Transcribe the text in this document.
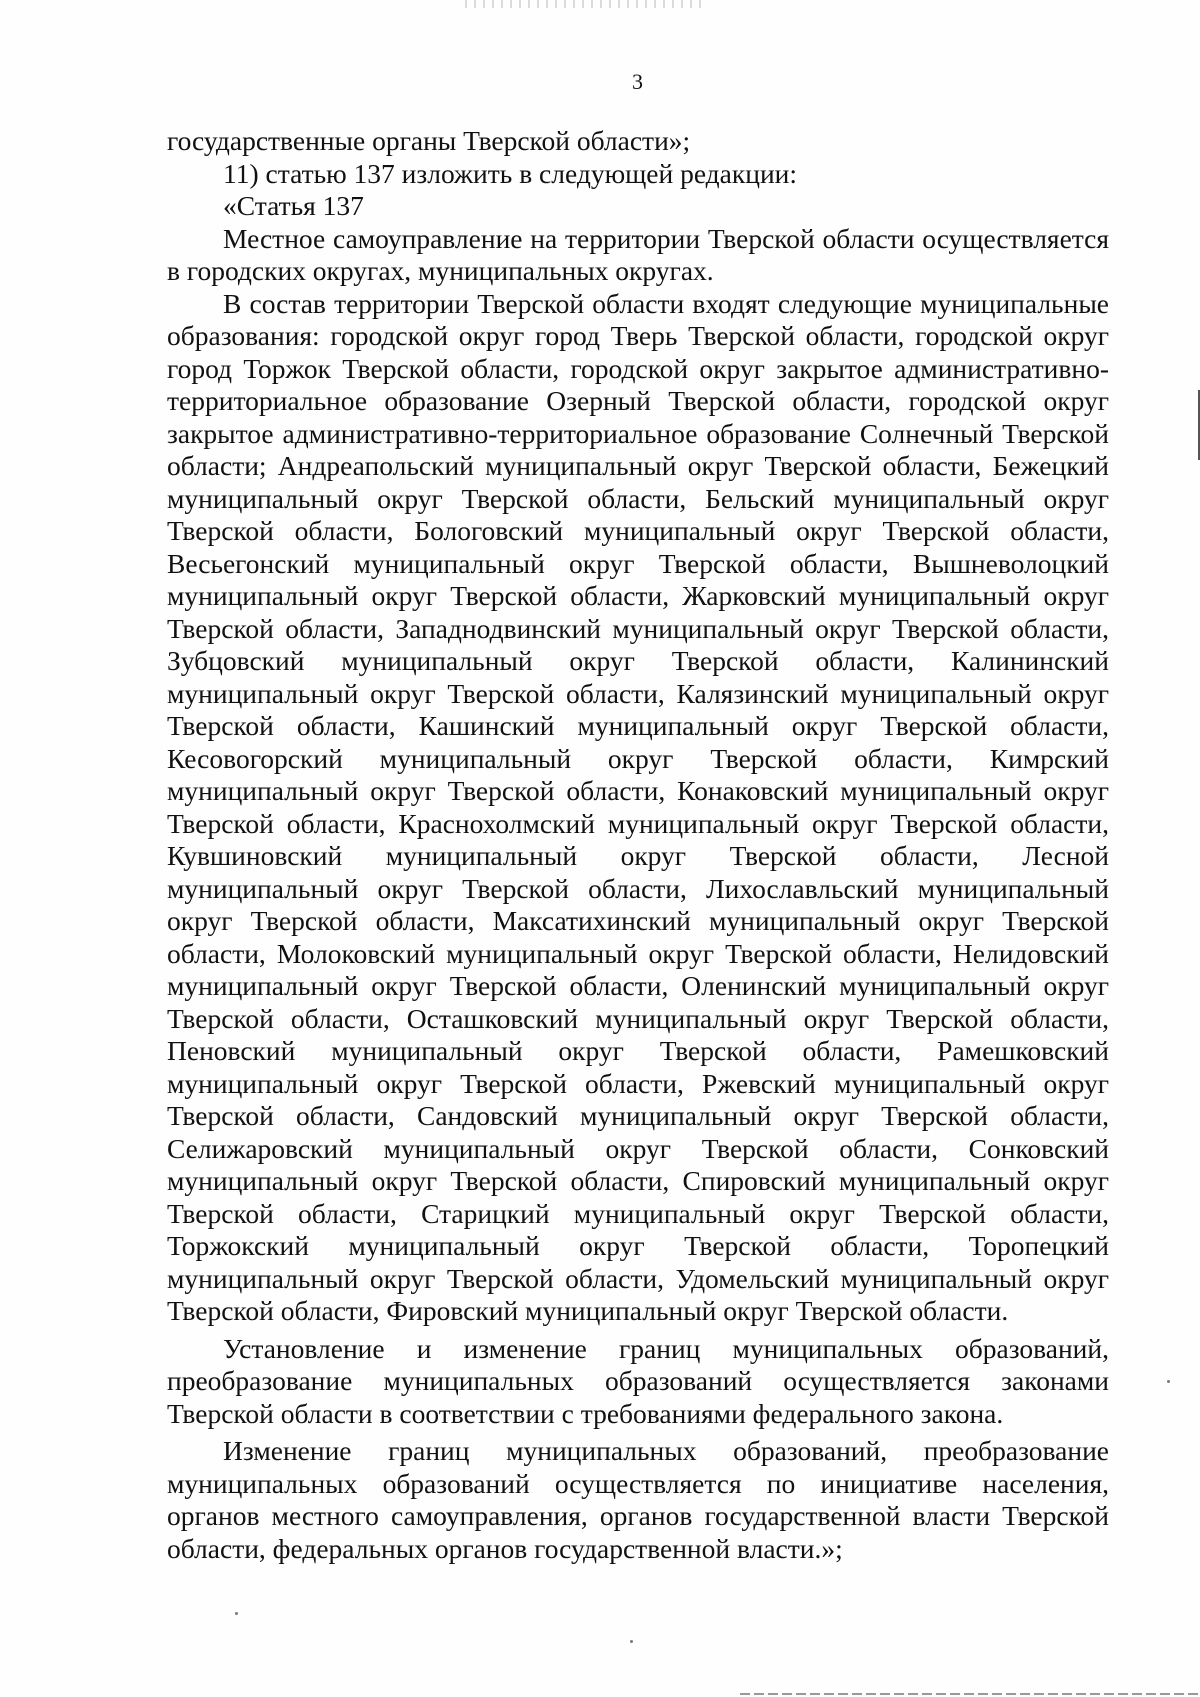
3

государственные органы Тверской области»;

11) статью 137 изложить в следующей редакции:

«Статья 137

Местное самоуправление на территории Тверской области осуществляется в городских округах, муниципальных округах.

В состав территории Тверской области входят следующие муниципальные образования: городской округ город Тверь Тверской области, городской округ город Торжок Тверской области, городской округ закрытое административно-территориальное образование Озерный Тверской области, городской округ закрытое административно-территориальное образование Солнечный Тверской области; Андреапольский муниципальный округ Тверской области, Бежецкий муниципальный округ Тверской области, Бельский муниципальный округ Тверской области, Бологовский муниципальный округ Тверской области, Весьегонский муниципальный округ Тверской области, Вышневолоцкий муниципальный округ Тверской области, Жарковский муниципальный округ Тверской области, Западнодвинский муниципальный округ Тверской области, Зубцовский муниципальный округ Тверской области, Калининский муниципальный округ Тверской области, Калязинский муниципальный округ Тверской области, Кашинский муниципальный округ Тверской области, Кесовогорский муниципальный округ Тверской области, Кимрский муниципальный округ Тверской области, Конаковский муниципальный округ Тверской области, Краснохолмский муниципальный округ Тверской области, Кувшиновский муниципальный округ Тверской области, Лесной муниципальный округ Тверской области, Лихославльский муниципальный округ Тверской области, Максатихинский муниципальный округ Тверской области, Молоковский муниципальный округ Тверской области, Нелидовский муниципальный округ Тверской области, Оленинский муниципальный округ Тверской области, Осташковский муниципальный округ Тверской области, Пеновский муниципальный округ Тверской области, Рамешковский муниципальный округ Тверской области, Ржевский муниципальный округ Тверской области, Сандовский муниципальный округ Тверской области, Селижаровский муниципальный округ Тверской области, Сонковский муниципальный округ Тверской области, Спировский муниципальный округ Тверской области, Старицкий муниципальный округ Тверской области, Торжокский муниципальный округ Тверской области, Торопецкий муниципальный округ Тверской области, Удомельский муниципальный округ Тверской области, Фировский муниципальный округ Тверской области.

Установление и изменение границ муниципальных образований, преобразование муниципальных образований осуществляется законами Тверской области в соответствии с требованиями федерального закона.

Изменение границ муниципальных образований, преобразование муниципальных образований осуществляется по инициативе населения, органов местного самоуправления, органов государственной власти Тверской области, федеральных органов государственной власти.»;
